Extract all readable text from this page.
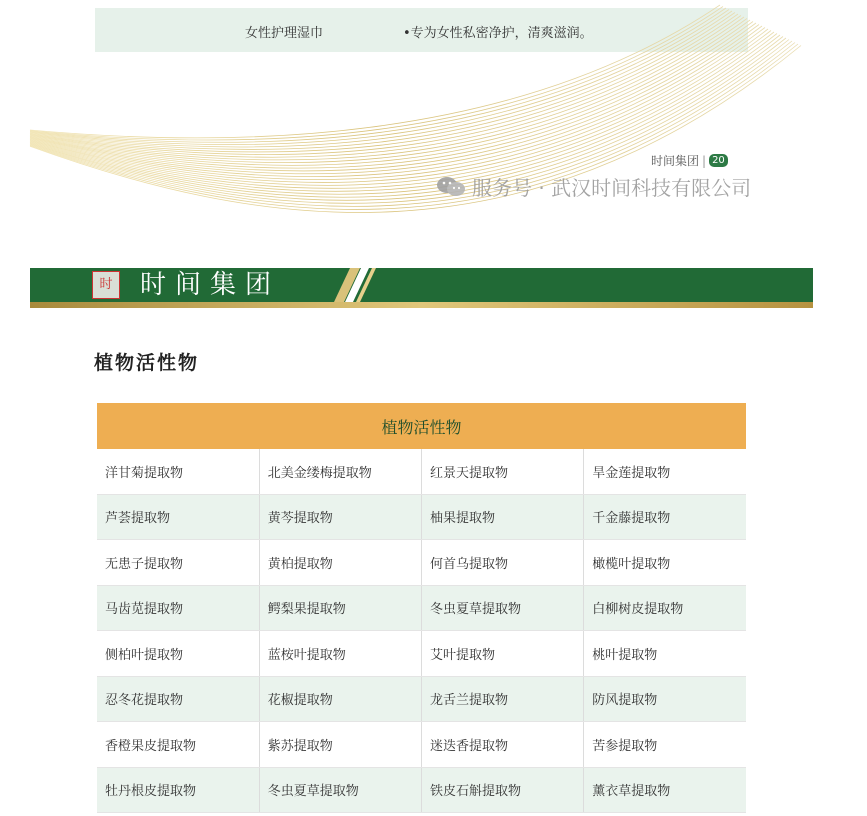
女性护理湿巾	•专为女性私密净护，清爽滋润。
时间集团 | 20
服务号 · 武汉时间科技有限公司
时 时间集团
植物活性物
植物活性物			
洋甘菊提取物	北美金缕梅提取物	红景天提取物	旱金莲提取物
芦荟提取物	黄芩提取物	柚果提取物	千金藤提取物
无患子提取物	黄柏提取物	何首乌提取物	橄榄叶提取物
马齿苋提取物	鳄梨果提取物	冬虫夏草提取物	白柳树皮提取物
侧柏叶提取物	蓝桉叶提取物	艾叶提取物	桃叶提取物
忍冬花提取物	花椒提取物	龙舌兰提取物	防风提取物
香橙果皮提取物	紫苏提取物	迷迭香提取物	苦参提取物
牡丹根皮提取物	冬虫夏草提取物	铁皮石斛提取物	薰衣草提取物
